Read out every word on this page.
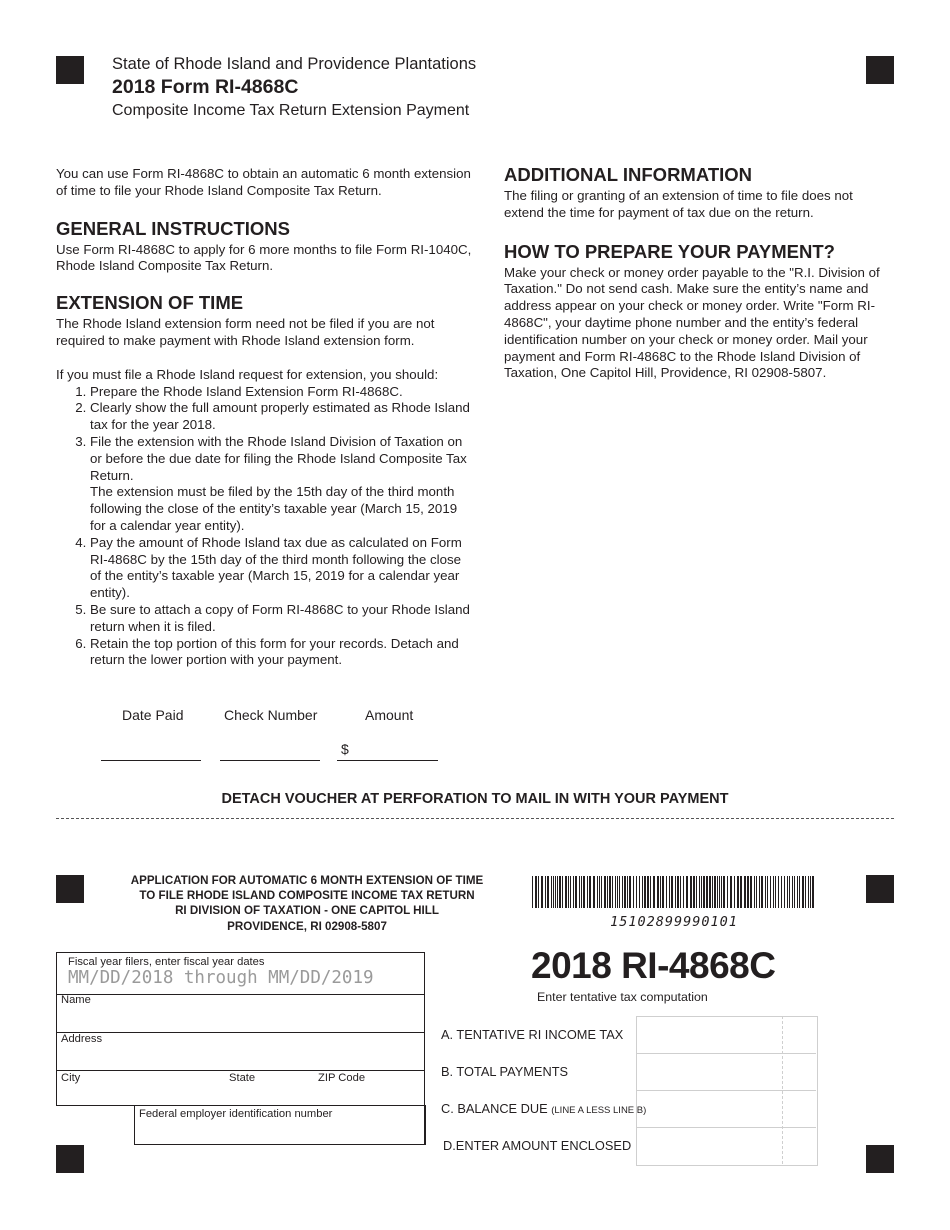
State of Rhode Island and Providence Plantations
2018 Form RI-4868C
Composite Income Tax Return Extension Payment

You can use Form RI-4868C to obtain an automatic 6 month extension of time to file your Rhode Island Composite Tax Return.

GENERAL INSTRUCTIONS

Use Form RI-4868C to apply for 6 more months to file Form RI-1040C, Rhode Island Composite Tax Return.

EXTENSION OF TIME

The Rhode Island extension form need not be filed if you are not required to make payment with Rhode Island extension form.

If you must file a Rhode Island request for extension, you should:

1. Prepare the Rhode Island Extension Form RI-4868C.
2. Clearly show the full amount properly estimated as Rhode Island tax for the year 2018.
3. File the extension with the Rhode Island Division of Taxation on or before the due date for filing the Rhode Island Composite Tax Return.
The extension must be filed by the 15th day of the third month following the close of the entity’s taxable year (March 15, 2019 for a calendar year entity).
4. Pay the amount of Rhode Island tax due as calculated on Form RI-4868C by the 15th day of the third month following the close of the entity’s taxable year (March 15, 2019 for a calendar year entity).
5. Be sure to attach a copy of Form RI-4868C to your Rhode Island return when it is filed.
6. Retain the top portion of this form for your records. Detach and return the lower portion with your payment.
ADDITIONAL INFORMATION

The filing or granting of an extension of time to file does not extend the time for payment of tax due on the return.

HOW TO PREPARE YOUR PAYMENT?

Make your check or money order payable to the "R.I. Division of Taxation." Do not send cash. Make sure the entity’s name and address appear on your check or money order. Write "Form RI-4868C", your daytime phone number and the entity’s federal identification number on your check or money order. Mail your payment and Form RI-4868C to the Rhode Island Division of Taxation, One Capitol Hill, Providence, RI 02908-5807.

Date Paid	Check Number	Amount
$
DETACH VOUCHER AT PERFORATION TO MAIL IN WITH YOUR PAYMENT
APPLICATION FOR AUTOMATIC 6 MONTH EXTENSION OF TIME
TO FILE RHODE ISLAND COMPOSITE INCOME TAX RETURN
RI DIVISION OF TAXATION - ONE CAPITOL HILL
PROVIDENCE, RI 02908-5807	15102899990101
2018 RI-4868C
Enter tentative tax computation
Fiscal year filers, enter fiscal year dates
MM/DD/2018 through MM/DD/2019
Name
Address
City	State	ZIP Code
Federal employer identification number
A. TENTATIVE RI INCOME TAX
B. TOTAL PAYMENTS
C. BALANCE DUE (LINE A LESS LINE B)
D.ENTER AMOUNT ENCLOSED
